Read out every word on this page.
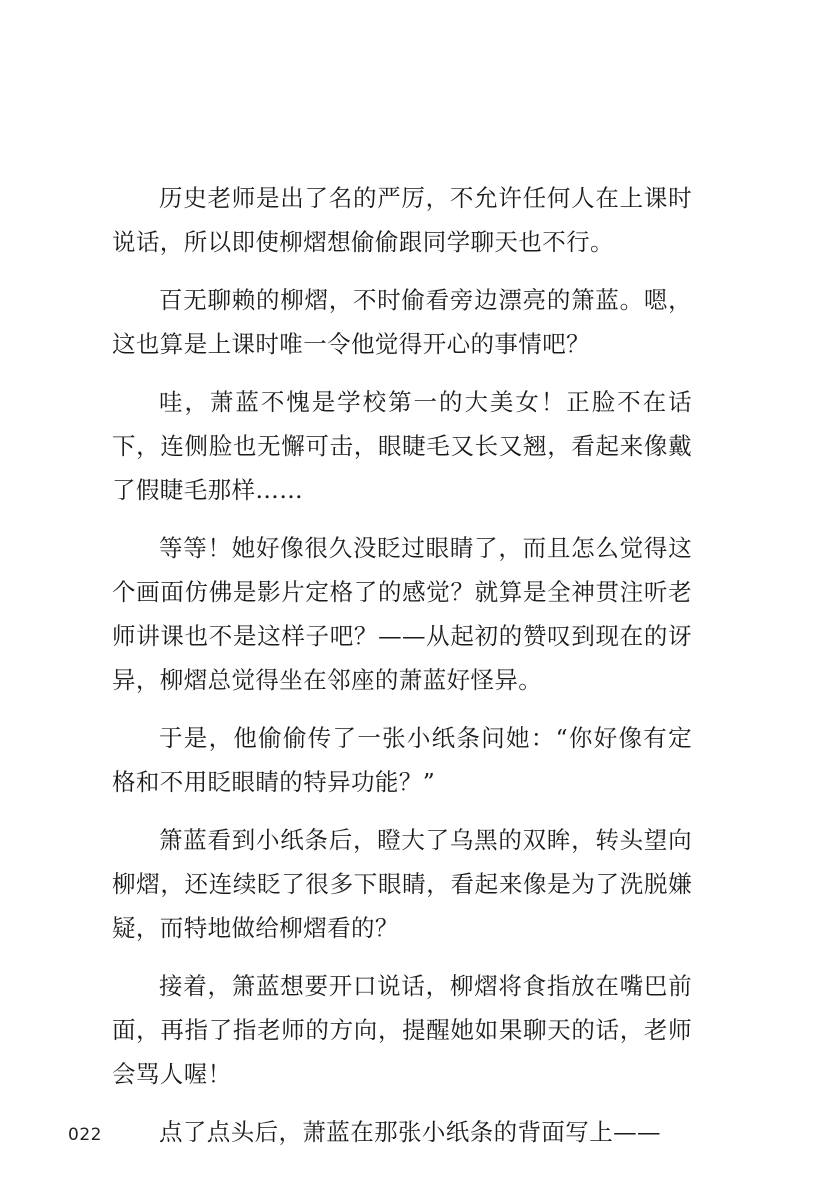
历史老师是出了名的严厉，不允许任何人在上课时说话，所以即使柳熠想偷偷跟同学聊天也不行。

百无聊赖的柳熠，不时偷看旁边漂亮的箫蓝。嗯，这也算是上课时唯一令他觉得开心的事情吧？

哇，萧蓝不愧是学校第一的大美女！正脸不在话下，连侧脸也无懈可击，眼睫毛又长又翘，看起来像戴了假睫毛那样……

等等！她好像很久没眨过眼睛了，而且怎么觉得这个画面仿佛是影片定格了的感觉？就算是全神贯注听老师讲课也不是这样子吧？——从起初的赞叹到现在的讶异，柳熠总觉得坐在邻座的萧蓝好怪异。

于是，他偷偷传了一张小纸条问她：“你好像有定格和不用眨眼睛的特异功能？”

箫蓝看到小纸条后，瞪大了乌黑的双眸，转头望向柳熠，还连续眨了很多下眼睛，看起来像是为了洗脱嫌疑，而特地做给柳熠看的？

接着，箫蓝想要开口说话，柳熠将食指放在嘴巴前面，再指了指老师的方向，提醒她如果聊天的话，老师会骂人喔！

点了点头后，萧蓝在那张小纸条的背面写上——

022
